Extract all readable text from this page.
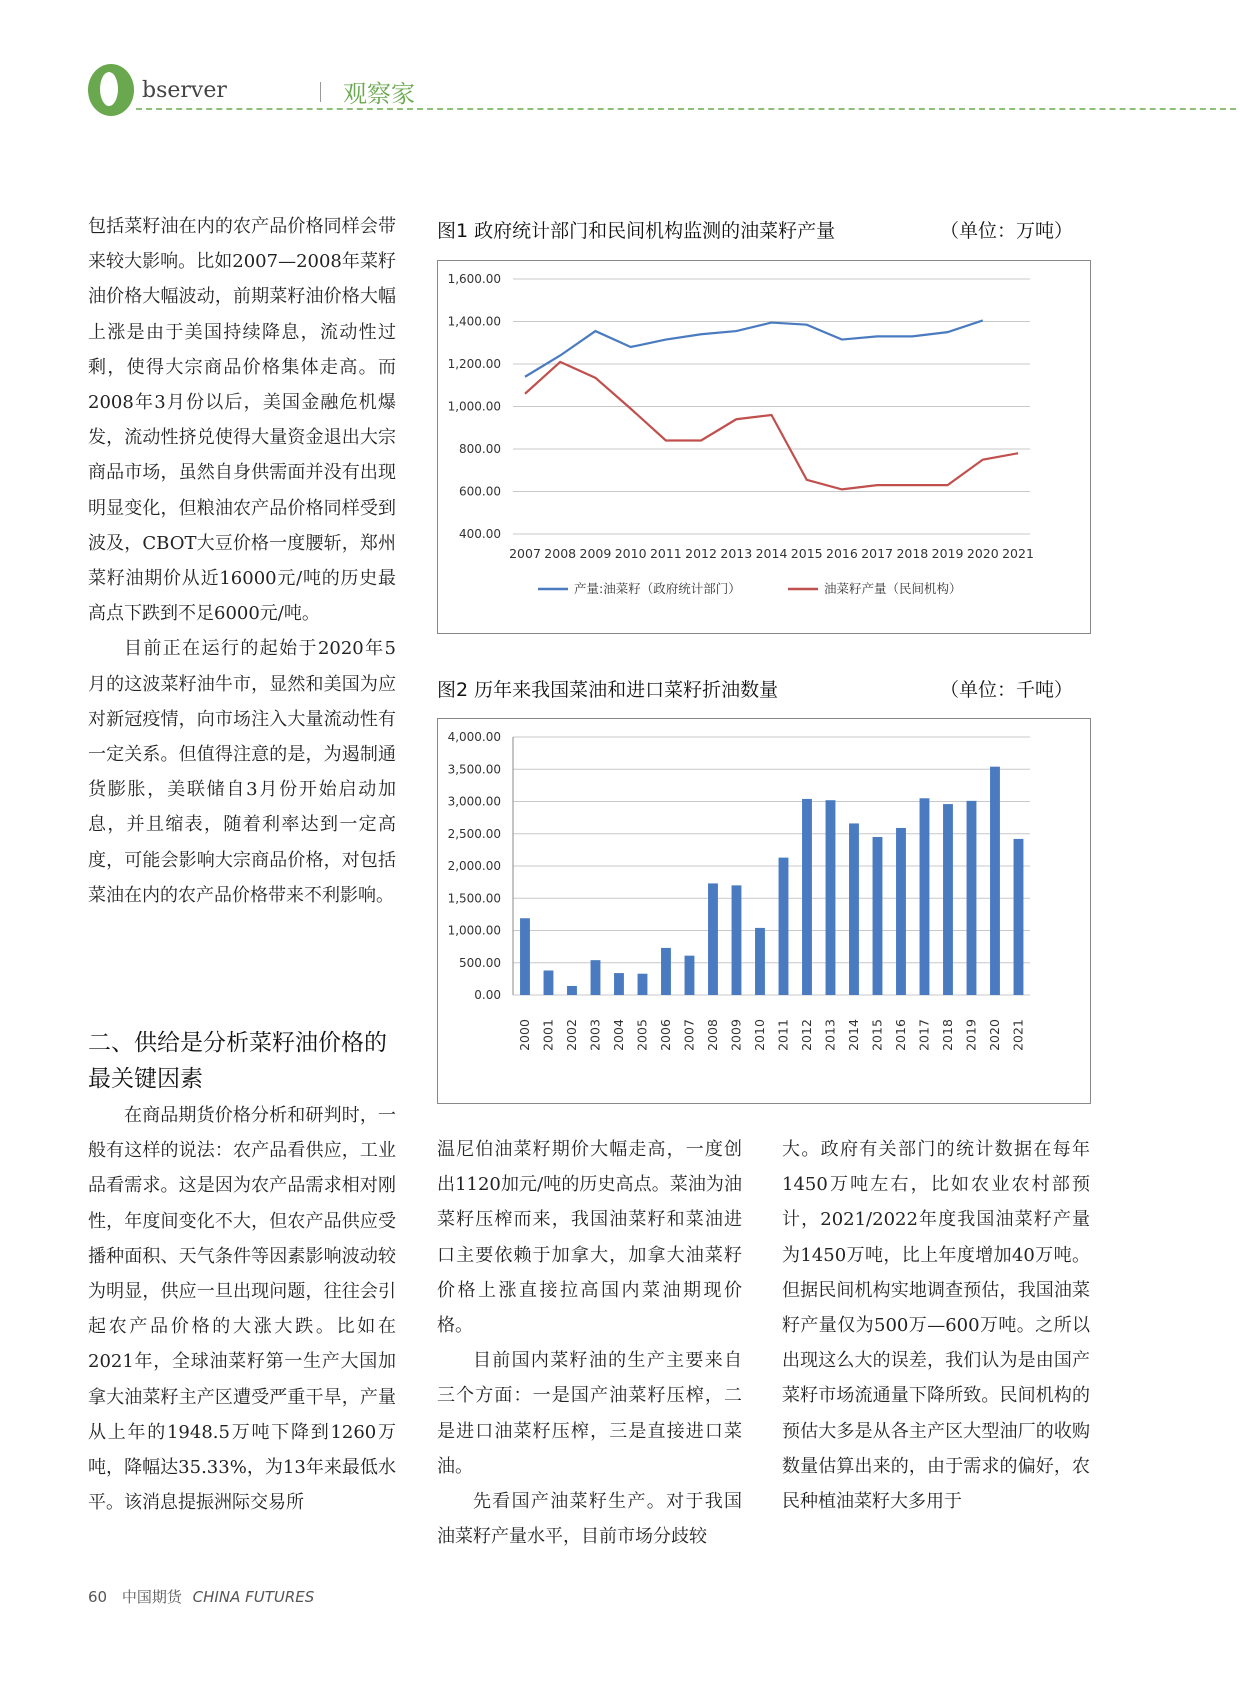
bserver	观察家

包括菜籽油在内的农产品价格同样会带来较大影响。比如2007—2008年菜籽油价格大幅波动，前期菜籽油价格大幅上涨是由于美国持续降息，流动性过剩，使得大宗商品价格集体走高。而2008年3月份以后，美国金融危机爆发，流动性挤兑使得大量资金退出大宗商品市场，虽然自身供需面并没有出现明显变化，但粮油农产品价格同样受到波及，CBOT大豆价格一度腰斩，郑州菜籽油期价从近16000元/吨的历史最高点下跌到不足6000元/吨。

目前正在运行的起始于2020年5月的这波菜籽油牛市，显然和美国为应对新冠疫情，向市场注入大量流动性有一定关系。但值得注意的是，为遏制通货膨胀，美联储自3月份开始启动加息，并且缩表，随着利率达到一定高度，可能会影响大宗商品价格，对包括菜油在内的农产品价格带来不利影响。

二、供给是分析菜籽油价格的最关键因素

在商品期货价格分析和研判时，一般有这样的说法：农产品看供应，工业品看需求。这是因为农产品需求相对刚性，年度间变化不大，但农产品供应受播种面积、天气条件等因素影响波动较为明显，供应一旦出现问题，往往会引起农产品价格的大涨大跌。比如在2021年，全球油菜籽第一生产大国加拿大油菜籽主产区遭受严重干旱，产量从上年的1948.5万吨下降到1260万吨，降幅达35.33%，为13年来最低水平。该消息提振洲际交易所

图1 政府统计部门和民间机构监测的油菜籽产量	（单位：万吨）
400.00
600.00
800.00
1,000.00
1,200.00
1,400.00
1,600.00
2007 2008 2009 2010 2011 2012 2013 2014 2015 2016 2017 2018 2019 2020 2021
产量:油菜籽（政府统计部门）	油菜籽产量（民间机构）
图2 历年来我国菜油和进口菜籽折油数量	（单位：千吨）
0.00
500.00
1,000.00
1,500.00
2,000.00
2,500.00
3,000.00
3,500.00
4,000.00
2000 2001 2002 2003 2004 2005 2006 2007 2008 2009 2010 2011 2012 2013 2014 2015 2016 2017 2018 2019 2020 2021

温尼伯油菜籽期价大幅走高，一度创出1120加元/吨的历史高点。菜油为油菜籽压榨而来，我国油菜籽和菜油进口主要依赖于加拿大，加拿大油菜籽价格上涨直接拉高国内菜油期现价格。

目前国内菜籽油的生产主要来自三个方面：一是国产油菜籽压榨，二是进口油菜籽压榨，三是直接进口菜油。

先看国产油菜籽生产。对于我国油菜籽产量水平，目前市场分歧较

大。政府有关部门的统计数据在每年1450万吨左右，比如农业农村部预计，2021/2022年度我国油菜籽产量为1450万吨，比上年度增加40万吨。但据民间机构实地调查预估，我国油菜籽产量仅为500万—600万吨。之所以出现这么大的误差，我们认为是由国产菜籽市场流通量下降所致。民间机构的预估大多是从各主产区大型油厂的收购数量估算出来的，由于需求的偏好，农民种植油菜籽大多用于

60 中国期货 CHINA FUTURES
